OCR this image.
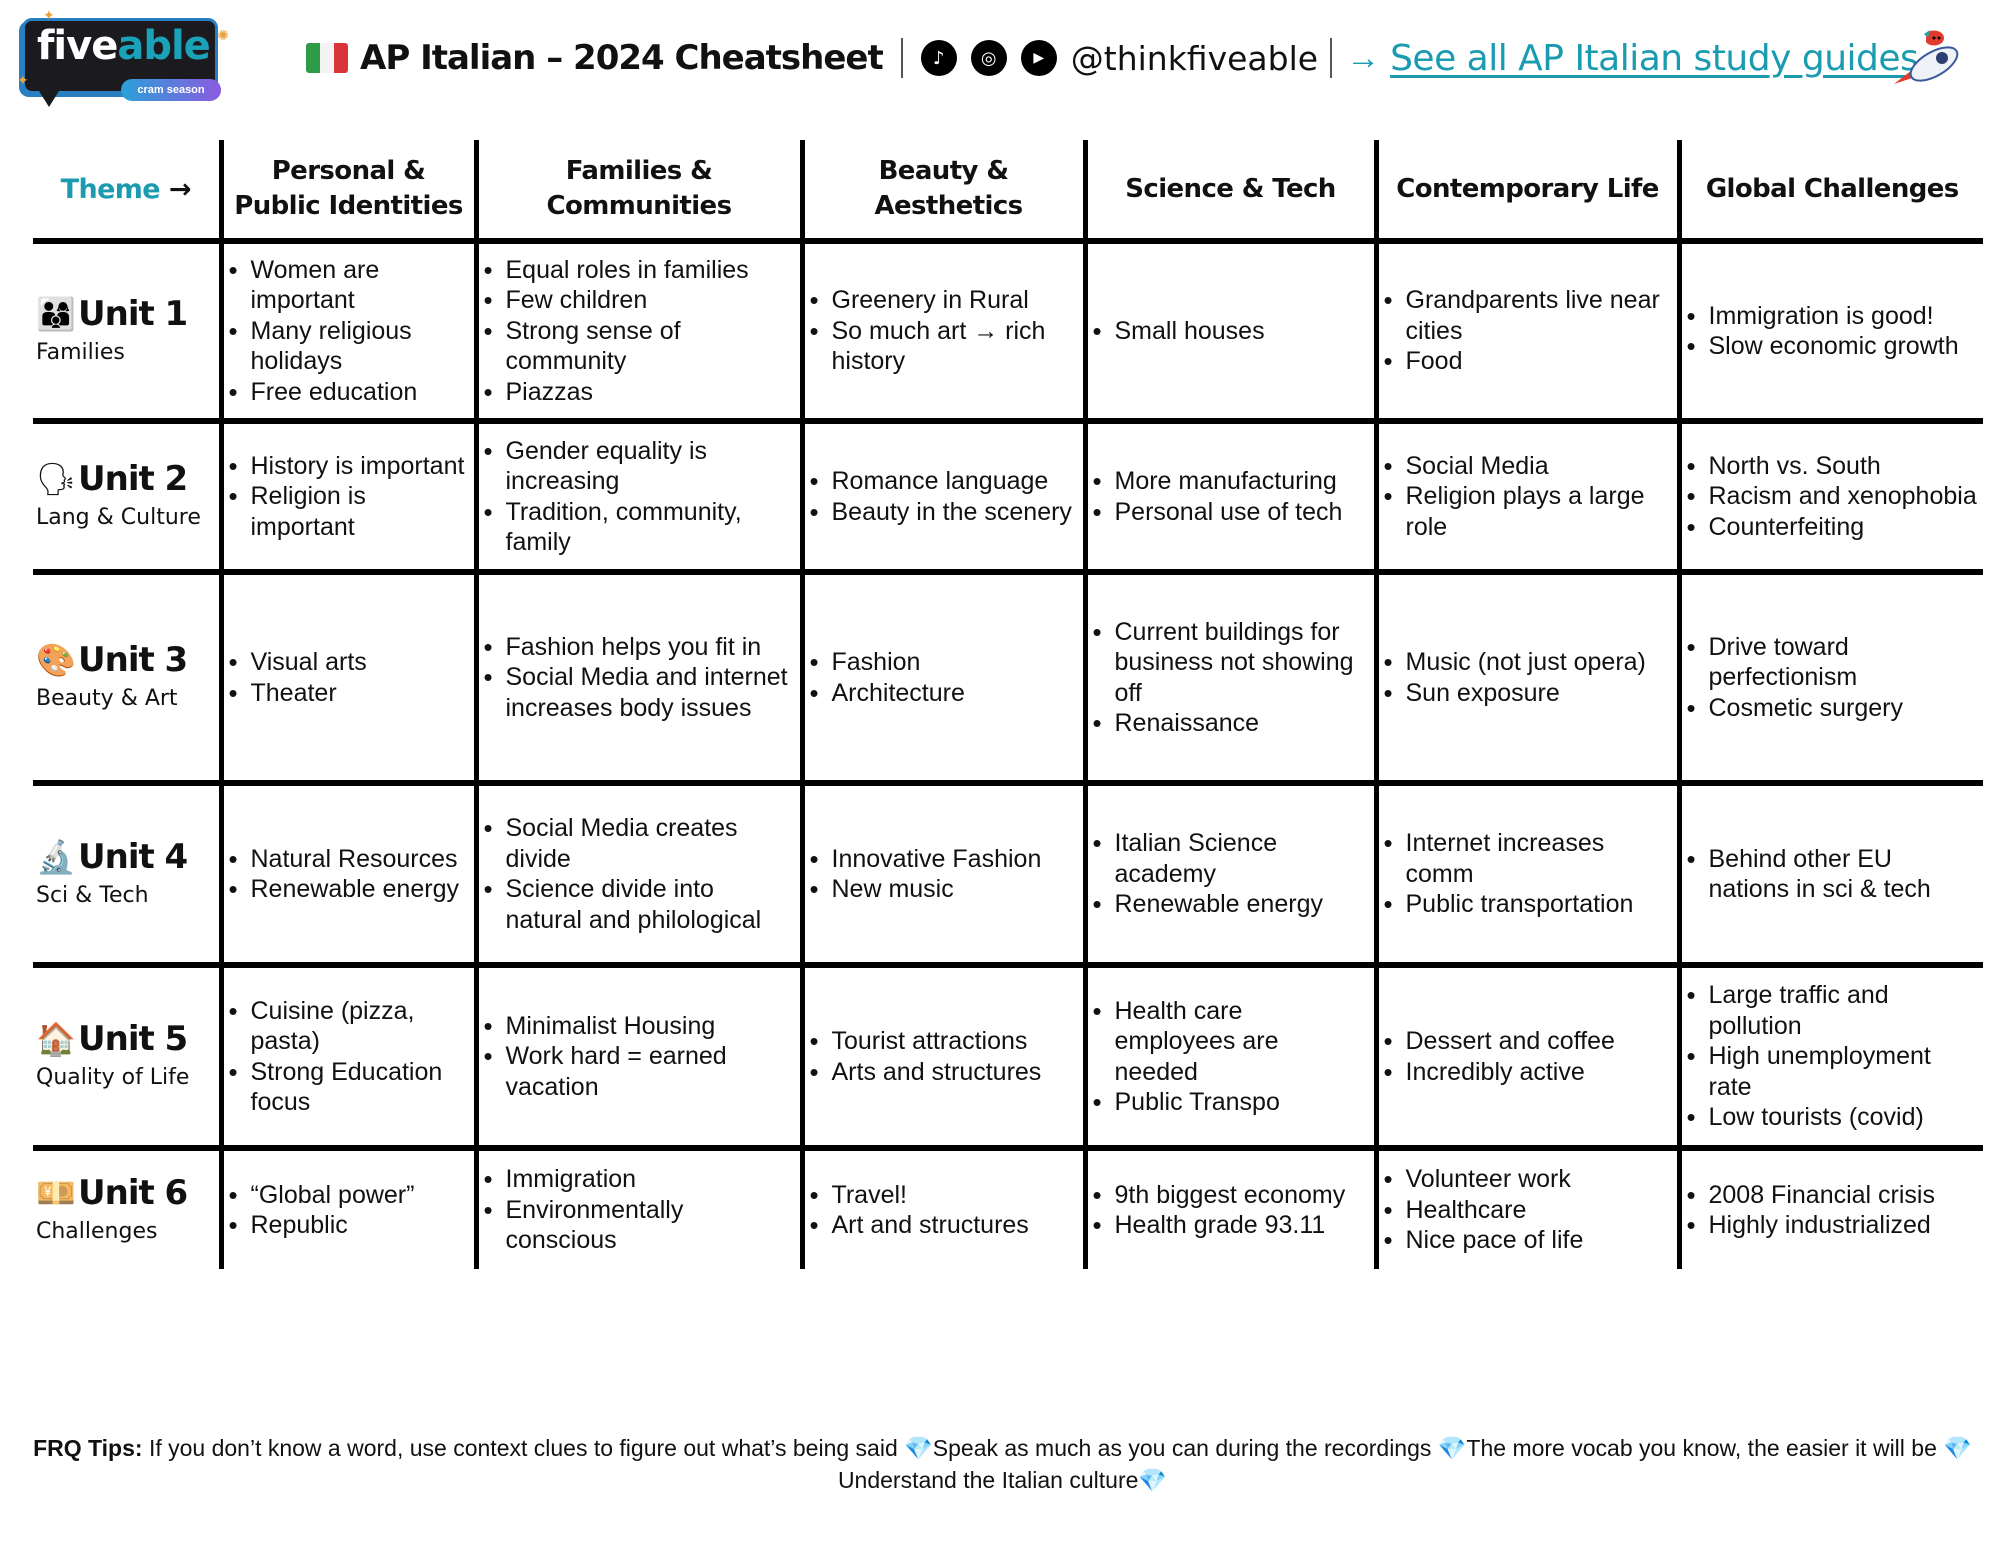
✦
✺
✦
fiveable
cram season
AP Italian – 2024 Cheatsheet	♪	◎	▶ @thinkfiveable → See all AP Italian study guides
Theme →	Personal & Public Identities	Families & Communities	Beauty & Aesthetics	Science & Tech	Contemporary Life	Global Challenges

👨‍👩‍👦 Unit 1
Families

• Women are important
• Many religious holidays
• Free education

• Equal roles in families
• Few children
• Strong sense of community
• Piazzas

• Greenery in Rural
• So much art → rich history

• Small houses

• Grandparents live near cities
• Food

• Immigration is good!
• Slow economic growth

🗣 Unit 2
Lang & Culture

• History is important
• Religion is important

• Gender equality is increasing
• Tradition, community, family

• Romance language
• Beauty in the scenery

• More manufacturing
• Personal use of tech

• Social Media
• Religion plays a large role

• North vs. South
• Racism and xenophobia
• Counterfeiting

🎨 Unit 3
Beauty & Art

• Visual arts
• Theater

• Fashion helps you fit in
• Social Media and internet increases body issues

• Fashion
• Architecture

• Current buildings for business not showing off
• Renaissance

• Music (not just opera)
• Sun exposure

• Drive toward perfectionism
• Cosmetic surgery

🔬 Unit 4
Sci & Tech

• Natural Resources
• Renewable energy

• Social Media creates divide
• Science divide into natural and philological

• Innovative Fashion
• New music

• Italian Science academy
• Renewable energy

• Internet increases comm
• Public transportation

• Behind other EU nations in sci & tech

🏠 Unit 5
Quality of Life

• Cuisine (pizza, pasta)
• Strong Education focus

• Minimalist Housing
• Work hard = earned vacation

• Tourist attractions
• Arts and structures

• Health care employees are needed
• Public Transpo

• Dessert and coffee
• Incredibly active

• Large traffic and pollution
• High unemployment rate
• Low tourists (covid)

💴 Unit 6
Challenges

• “Global power”
• Republic

• Immigration
• Environmentally conscious

• Travel!
• Art and structures

• 9th biggest economy
• Health grade 93.11

• Volunteer work
• Healthcare
• Nice pace of life

• 2008 Financial crisis
• Highly industrialized
FRQ Tips: If you don’t know a word, use context clues to figure out what’s being said 💎Speak as much as you can during the recordings 💎The more vocab you know, the easier it will be 💎Understand the Italian culture💎
